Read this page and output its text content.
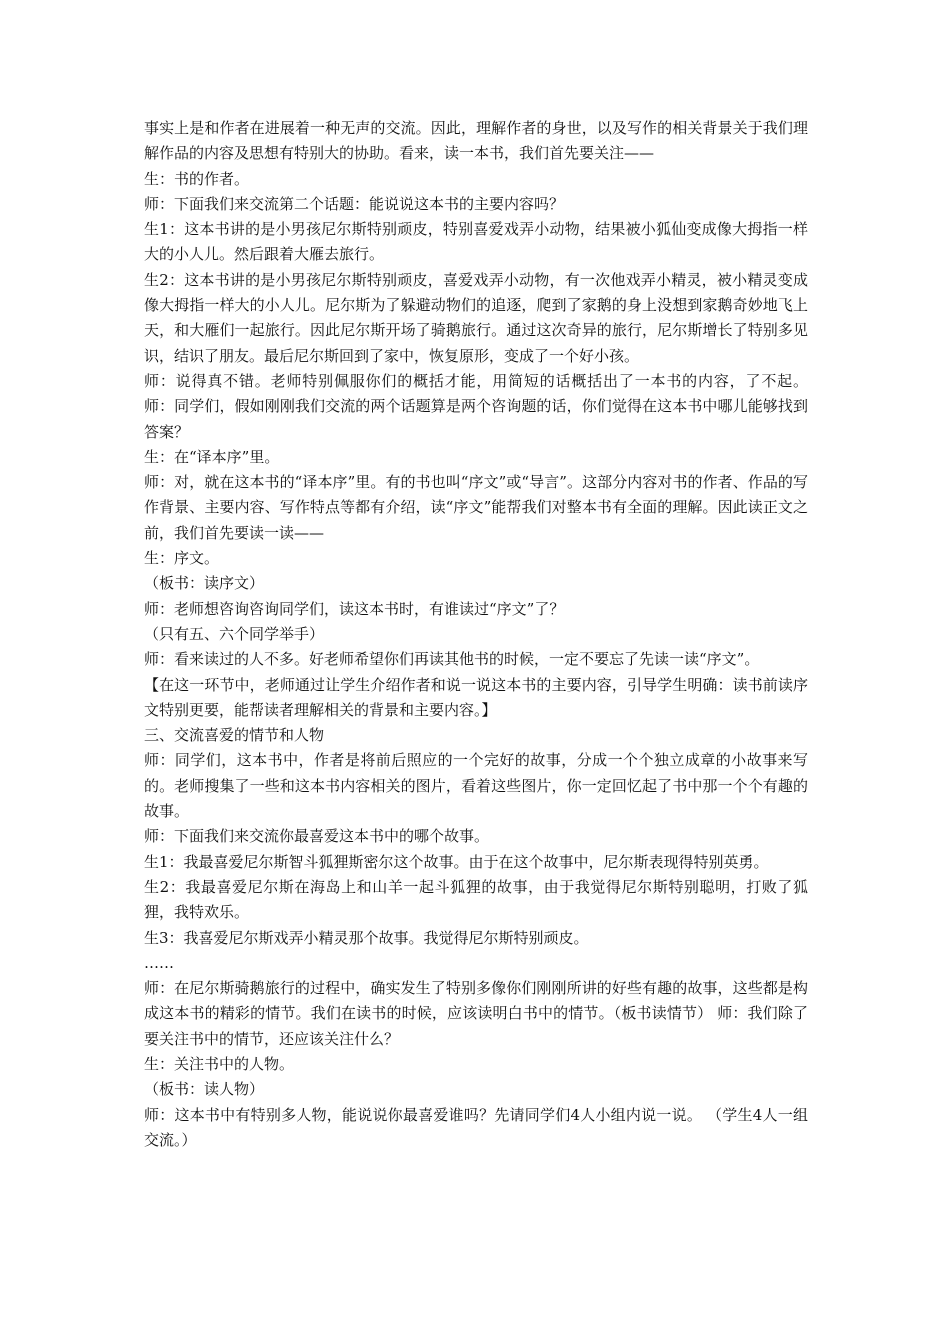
事实上是和作者在进展着一种无声的交流。因此，理解作者的身世，以及写作的相关背景关于我们理解作品的内容及思想有特别大的协助。看来，读一本书，我们首先要关注——

生：书的作者。

师：下面我们来交流第二个话题：能说说这本书的主要内容吗？

生1：这本书讲的是小男孩尼尔斯特别顽皮，特别喜爱戏弄小动物，结果被小狐仙变成像大拇指一样大的小人儿。然后跟着大雁去旅行。

生2：这本书讲的是小男孩尼尔斯特别顽皮，喜爱戏弄小动物，有一次他戏弄小精灵，被小精灵变成像大拇指一样大的小人儿。尼尔斯为了躲避动物们的追逐，爬到了家鹅的身上没想到家鹅奇妙地飞上天，和大雁们一起旅行。因此尼尔斯开场了骑鹅旅行。通过这次奇异的旅行，尼尔斯增长了特别多见识，结识了朋友。最后尼尔斯回到了家中，恢复原形，变成了一个好小孩。

师：说得真不错。老师特别佩服你们的概括才能，用简短的话概括出了一本书的内容，了不起。 师：同学们，假如刚刚我们交流的两个话题算是两个咨询题的话，你们觉得在这本书中哪儿能够找到答案？

生：在“译本序”里。

师：对，就在这本书的“译本序”里。有的书也叫“序文”或“导言”。这部分内容对书的作者、作品的写作背景、主要内容、写作特点等都有介绍，读“序文”能帮我们对整本书有全面的理解。因此读正文之前，我们首先要读一读——

生：序文。

（板书：读序文）

师：老师想咨询咨询同学们，读这本书时，有谁读过“序文”了？

（只有五、六个同学举手）

师：看来读过的人不多。好老师希望你们再读其他书的时候，一定不要忘了先读一读“序文”。

【在这一环节中，老师通过让学生介绍作者和说一说这本书的主要内容，引导学生明确：读书前读序文特别更要，能帮读者理解相关的背景和主要内容。】

三、交流喜爱的情节和人物

师：同学们，这本书中，作者是将前后照应的一个完好的故事，分成一个个独立成章的小故事来写的。老师搜集了一些和这本书内容相关的图片，看着这些图片，你一定回忆起了书中那一个个有趣的故事。

师：下面我们来交流你最喜爱这本书中的哪个故事。

生1：我最喜爱尼尔斯智斗狐狸斯密尔这个故事。由于在这个故事中，尼尔斯表现得特别英勇。

生2：我最喜爱尼尔斯在海岛上和山羊一起斗狐狸的故事，由于我觉得尼尔斯特别聪明，打败了狐狸，我特欢乐。

生3：我喜爱尼尔斯戏弄小精灵那个故事。我觉得尼尔斯特别顽皮。

……

师：在尼尔斯骑鹅旅行的过程中，确实发生了特别多像你们刚刚所讲的好些有趣的故事，这些都是构成这本书的精彩的情节。我们在读书的时候，应该读明白书中的情节。（板书读情节） 师：我们除了要关注书中的情节，还应该关注什么？

生：关注书中的人物。

（板书：读人物）

师：这本书中有特别多人物，能说说你最喜爱谁吗？先请同学们4人小组内说一说。 （学生4人一组交流。）
